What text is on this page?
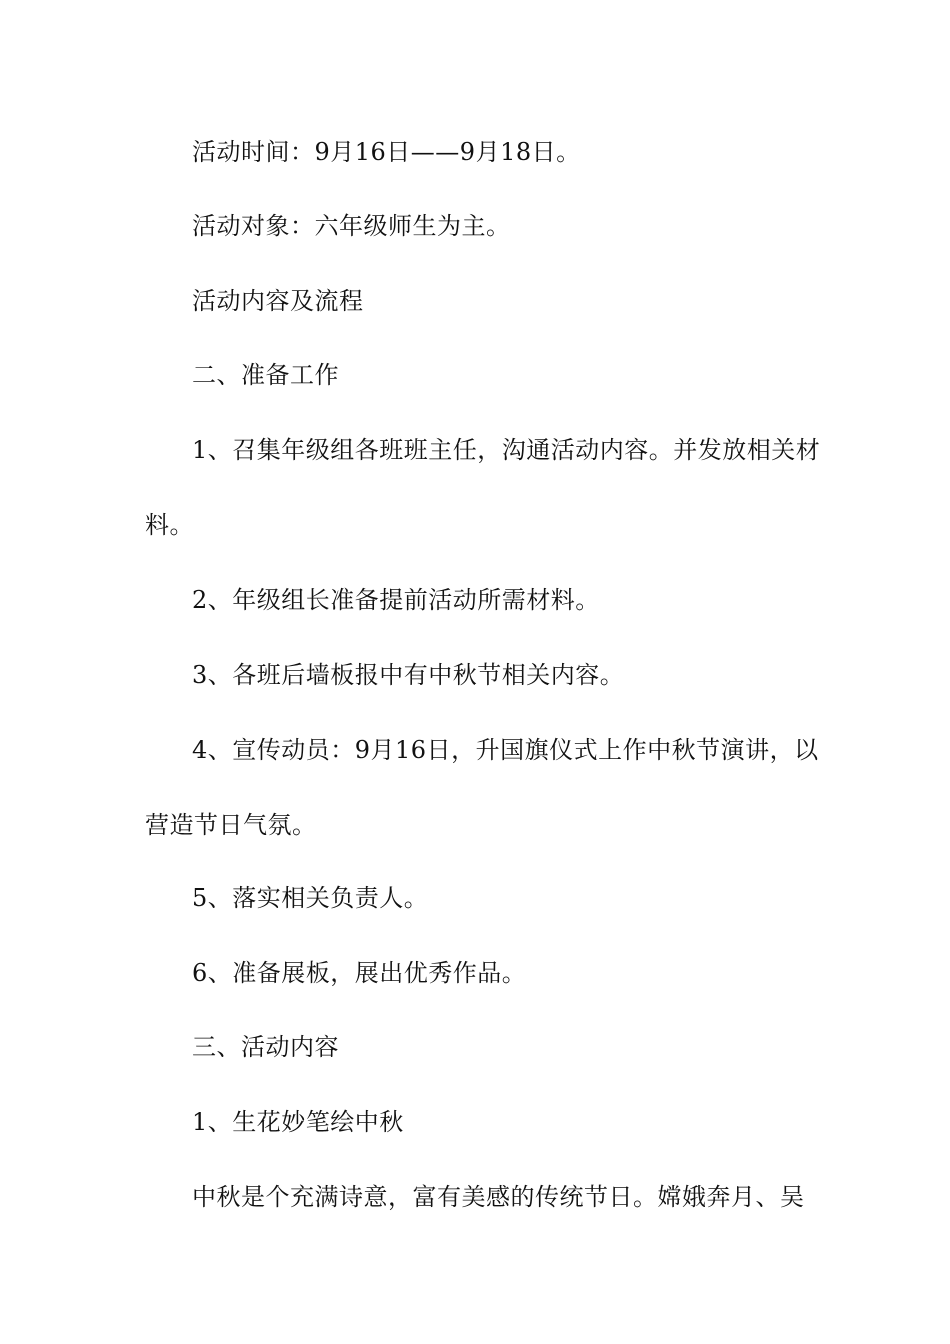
活动时间：9月16日——9月18日。
活动对象：六年级师生为主。
活动内容及流程
二、准备工作
1、召集年级组各班班主任，沟通活动内容。并发放相关材
料。
2、年级组长准备提前活动所需材料。
3、各班后墙板报中有中秋节相关内容。
4、宣传动员：9月16日，升国旗仪式上作中秋节演讲，以
营造节日气氛。
5、落实相关负责人。
6、准备展板，展出优秀作品。
三、活动内容
1、生花妙笔绘中秋
中秋是个充满诗意，富有美感的传统节日。嫦娥奔月、吴
